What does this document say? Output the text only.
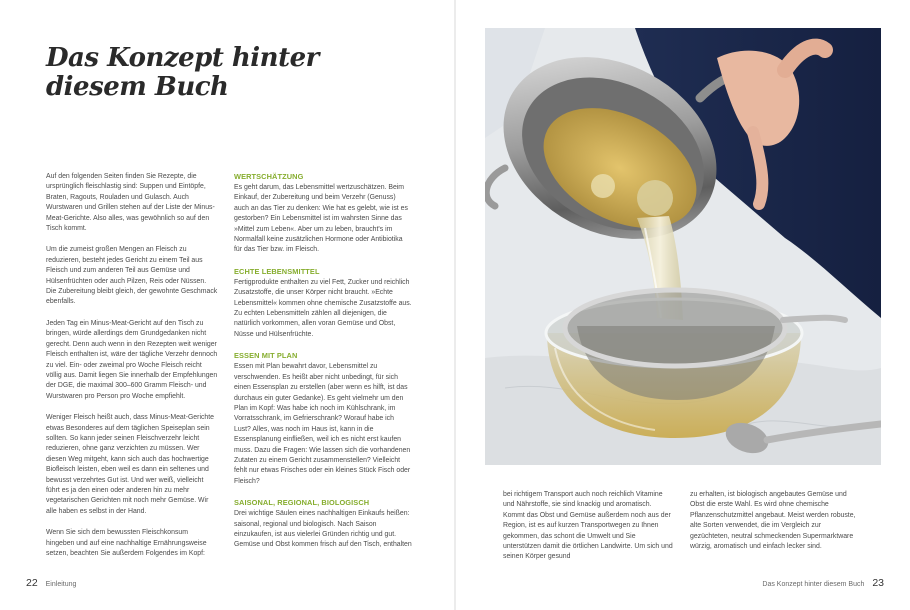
Das Konzept hinter
diesem Buch

Auf den folgenden Seiten finden Sie Rezepte, die ursprünglich fleischlastig sind: Suppen und Eintöpfe, Braten, Ragouts, Rouladen und Gulasch. Auch Wurstwaren und Grillen stehen auf der Liste der Minus-Meat-Gerichte. Also alles, was gewöhnlich so auf den Tisch kommt.

Um die zumeist großen Mengen an Fleisch zu reduzieren, besteht jedes Gericht zu einem Teil aus Fleisch und zum anderen Teil aus Gemüse und Hülsenfrüchten oder auch Pilzen, Reis oder Nüssen. Die Zubereitung bleibt gleich, der gewohnte Geschmack ebenfalls.

Jeden Tag ein Minus-Meat-Gericht auf den Tisch zu bringen, würde allerdings dem Grundgedanken nicht gerecht. Denn auch wenn in den Rezepten weit weniger Fleisch enthalten ist, wäre der tägliche Verzehr dennoch zu viel. Ein- oder zweimal pro Woche Fleisch reicht völlig aus. Damit liegen Sie innerhalb der Empfehlungen der DGE, die maximal 300–600 Gramm Fleisch- und Wurstwaren pro Person pro Woche empfiehlt.

Weniger Fleisch heißt auch, dass Minus-Meat-Gerichte etwas Besonderes auf dem täglichen Speiseplan sein sollten. So kann jeder seinen Fleischverzehr leicht reduzieren, ohne ganz verzichten zu müssen. Wer diesen Weg mitgeht, kann sich auch das hochwertige Biofleisch leisten, eben weil es dann ein seltenes und bewusst verzehrtes Gut ist. Und wer weiß, vielleicht führt es ja den einen oder anderen hin zu mehr vegetarischen Gerichten mit noch mehr Gemüse. Wir alle haben es selbst in der Hand.

Wenn Sie sich dem bewussten Fleischkonsum hingeben und auf eine nachhaltige Ernährungsweise setzen, beachten Sie außerdem Folgendes im Kopf:

WERTSCHÄTZUNG

Es geht darum, das Lebensmittel wertzuschätzen. Beim Einkauf, der Zubereitung und beim Verzehr (Genuss) auch an das Tier zu denken: Wie hat es gelebt, wie ist es gestorben? Ein Lebensmittel ist im wahrsten Sinne das »Mittel zum Leben«. Aber um zu leben, braucht's im Normalfall keine zusätzlichen Hormone oder Antibiotika für das Tier bzw. im Fleisch.

ECHTE LEBENSMITTEL

Fertigprodukte enthalten zu viel Fett, Zucker und reichlich Zusatzstoffe, die unser Körper nicht braucht. »Echte Lebensmittel« kommen ohne chemische Zusatzstoffe aus. Zu echten Lebensmitteln zählen all diejenigen, die natürlich vorkommen, allen voran Gemüse und Obst, Nüsse und Hülsenfrüchte.

ESSEN MIT PLAN

Essen mit Plan bewahrt davor, Lebensmittel zu verschwenden. Es heißt aber nicht unbedingt, für sich einen Essensplan zu erstellen (aber wenn es hilft, ist das durchaus ein guter Gedanke). Es geht vielmehr um den Plan im Kopf: Was habe ich noch im Kühlschrank, im Vorratsschrank, im Gefrierschrank? Worauf habe ich Lust? Alles, was noch im Haus ist, kann in die Essensplanung einfließen, weil ich es nicht erst kaufen muss. Dazu die Fragen: Wie lassen sich die vorhandenen Zutaten zu einem Gericht zusammenstellen? Vielleicht fehlt nur etwas Frisches oder ein kleines Stück Fisch oder Fleisch?

SAISONAL, REGIONAL, BIOLOGISCH

Drei wichtige Säulen eines nachhaltigen Einkaufs heißen: saisonal, regional und biologisch. Nach Saison einzukaufen, ist aus vielerlei Gründen richtig und gut. Gemüse und Obst kommen frisch auf den Tisch, enthalten

22 Einleitung

bei richtigem Transport auch noch reichlich Vitamine und Nährstoffe, sie sind knackig und aromatisch. Kommt das Obst und Gemüse außerdem noch aus der Region, ist es auf kurzen Transportwegen zu Ihnen gekommen, das schont die Umwelt und Sie unterstützen damit die örtlichen Landwirte. Um sich und seinen Körper gesund

zu erhalten, ist biologisch angebautes Gemüse und Obst die erste Wahl. Es wird ohne chemische Pflanzenschutzmittel angebaut. Meist werden robuste, alte Sorten verwendet, die im Vergleich zur gezüchteten, neutral schmeckenden Supermarktware würzig, aromatisch und einfach lecker sind.

Das Konzept hinter diesem Buch 23
